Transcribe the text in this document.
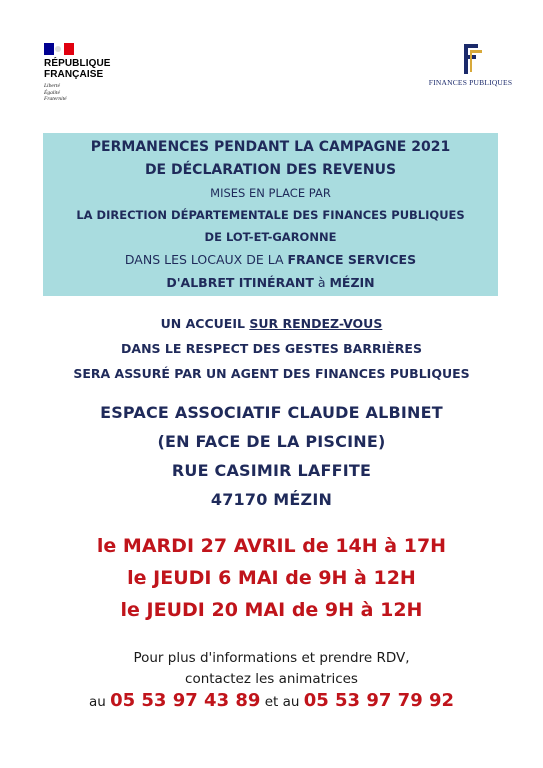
RÉPUBLIQUE
FRANÇAISE
Liberté
Égalité
Fraternité
FINANCES PUBLIQUES
PERMANENCES PENDANT LA CAMPAGNE 2021
DE DÉCLARATION DES REVENUS
MISES EN PLACE PAR
LA DIRECTION DÉPARTEMENTALE DES FINANCES PUBLIQUES
DE LOT-ET-GARONNE
DANS LES LOCAUX DE LA FRANCE SERVICES
D'ALBRET ITINÉRANT à MÉZIN
UN ACCUEIL SUR RENDEZ-VOUS
DANS LE RESPECT DES GESTES BARRIÈRES
SERA ASSURÉ PAR UN AGENT DES FINANCES PUBLIQUES
ESPACE ASSOCIATIF CLAUDE ALBINET
(EN FACE DE LA PISCINE)
RUE CASIMIR LAFFITE
47170 MÉZIN
le MARDI 27 AVRIL de 14H à 17H
le JEUDI 6 MAI de 9H à 12H
le JEUDI 20 MAI de 9H à 12H
Pour plus d'informations et prendre RDV,
contactez les animatrices
au 05 53 97 43 89 et au 05 53 97 79 92
